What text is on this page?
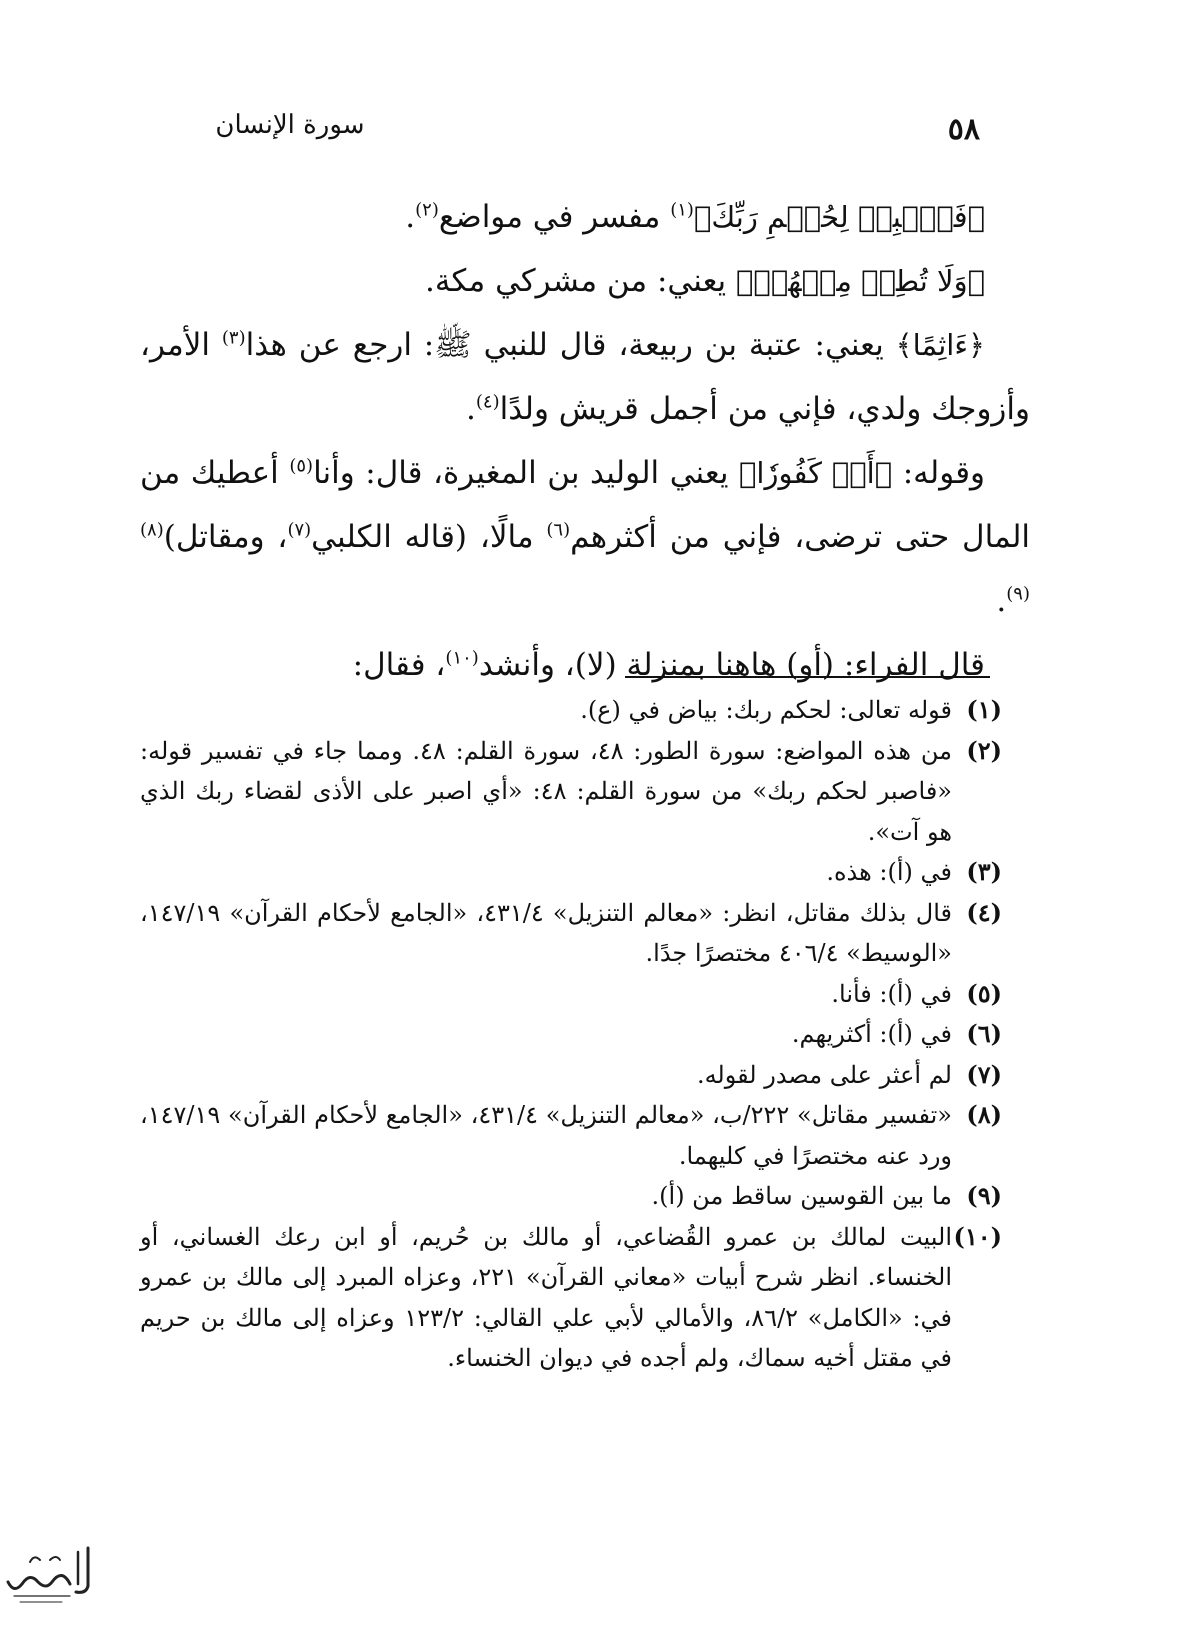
سورة الإنسان	٥٨

﴿فَٱصۡبِرۡ لِحُكۡمِ رَبِّكَ﴾$^{(١)}$ مفسر في مواضع$^{(٢)}$.

﴿وَلَا تُطِعۡ مِنۡهُمۡ﴾ يعني: من مشركي مكة.

﴿ءَاثِمًا﴾ يعني: عتبة بن ربيعة، قال للنبي ﷺ: ارجع عن هذا$^{(٣)}$ الأمر، وأزوجك ولدي، فإني من أجمل قريش ولدًا$^{(٤)}$.

وقوله: ﴿أَوۡ كَفُورٗا﴾ يعني الوليد بن المغيرة، قال: وأنا$^{(٥)}$ أعطيك من المال حتى ترضى، فإني من أكثرهم$^{(٦)}$ مالًا، (قاله الكلبي$^{(٧)}$، ومقاتل)$^{(٨)(٩)}$.

قال الفراء: (أو) هاهنا بمنزلة (لا)، وأنشد$^{(١٠)}$، فقال:

(١)
قوله تعالى: لحكم ربك: بياض في (ع).
(٢)
من هذه المواضع: سورة الطور: ٤٨، سورة القلم: ٤٨. ومما جاء في تفسير قوله: «فاصبر لحكم ربك» من سورة القلم: ٤٨: «أي اصبر على الأذى لقضاء ربك الذي هو آت».
(٣)
في (أ): هذه.
(٤)
قال بذلك مقاتل، انظر: «معالم التنزيل» ٤٣١/٤، «الجامع لأحكام القرآن» ١٤٧/١٩، «الوسيط» ٤٠٦/٤ مختصرًا جدًا.
(٥)
في (أ): فأنا.
(٦)
في (أ): أكثريهم.
(٧)
لم أعثر على مصدر لقوله.
(٨)
«تفسير مقاتل» ٢٢٢/ب، «معالم التنزيل» ٤٣١/٤، «الجامع لأحكام القرآن» ١٤٧/١٩، ورد عنه مختصرًا في كليهما.
(٩)
ما بين القوسين ساقط من (أ).
(١٠)
البيت لمالك بن عمرو القُضاعي، أو مالك بن حُريم، أو ابن رعك الغساني، أو الخنساء. انظر شرح أبيات «معاني القرآن» ٢٢١، وعزاه المبرد إلى مالك بن عمرو في: «الكامل» ٨٦/٢، والأمالي لأبي علي القالي: ١٢٣/٢ وعزاه إلى مالك بن حريم في مقتل أخيه سماك، ولم أجده في ديوان الخنساء.
